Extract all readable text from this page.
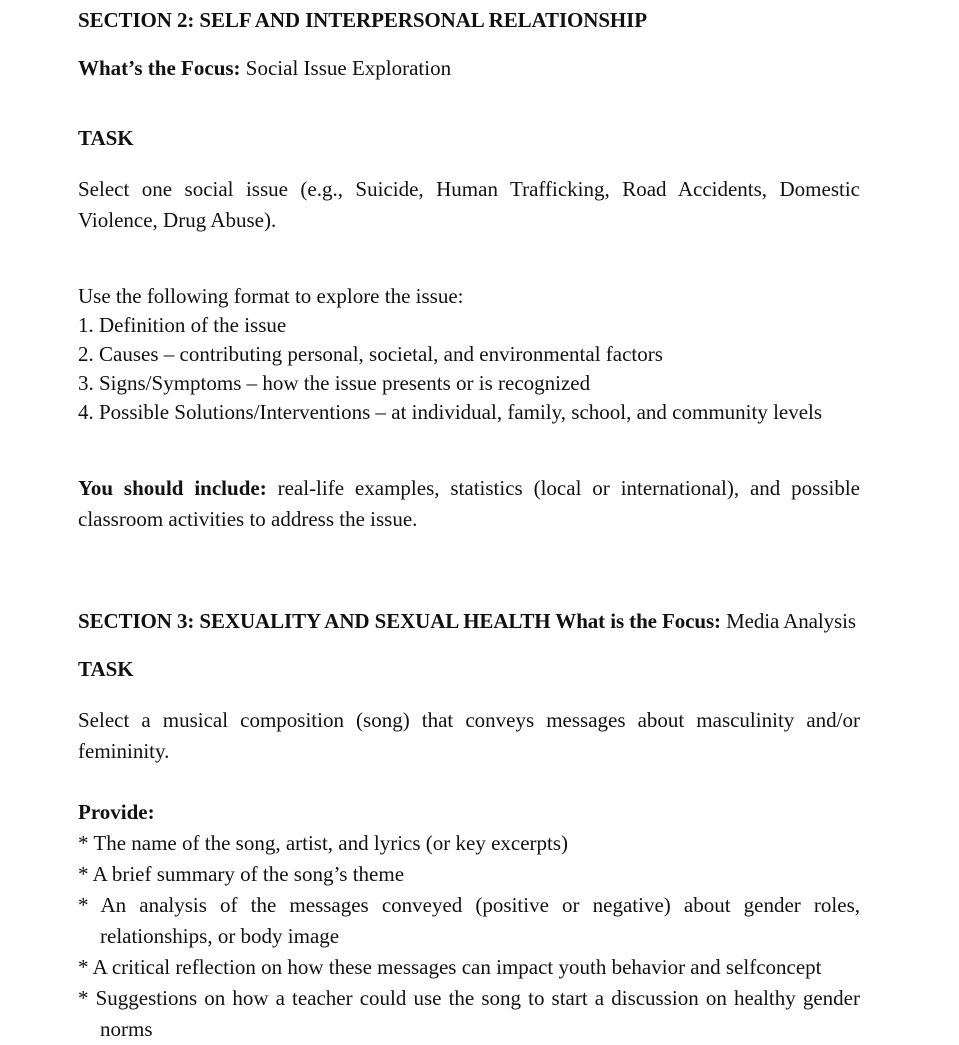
SECTION 2: SELF AND INTERPERSONAL RELATIONSHIP

What’s the Focus: Social Issue Exploration

TASK

Select one social issue (e.g., Suicide, Human Trafficking, Road Accidents, Domestic Violence, Drug Abuse).

Use the following format to explore the issue:
1. Definition of the issue
2. Causes – contributing personal, societal, and environmental factors
3. Signs/Symptoms – how the issue presents or is recognized
4. Possible Solutions/Interventions – at individual, family, school, and community levels

You should include: real-life examples, statistics (local or international), and possible classroom activities to address the issue.

SECTION 3: SEXUALITY AND SEXUAL HEALTH What is the Focus: Media Analysis

TASK

Select a musical composition (song) that conveys messages about masculinity and/or femininity.

Provide:

* The name of the song, artist, and lyrics (or key excerpts)
* A brief summary of the song’s theme
* An analysis of the messages conveyed (positive or negative) about gender roles, relationships, or body image
* A critical reflection on how these messages can impact youth behavior and selfconcept
* Suggestions on how a teacher could use the song to start a discussion on healthy gender norms
